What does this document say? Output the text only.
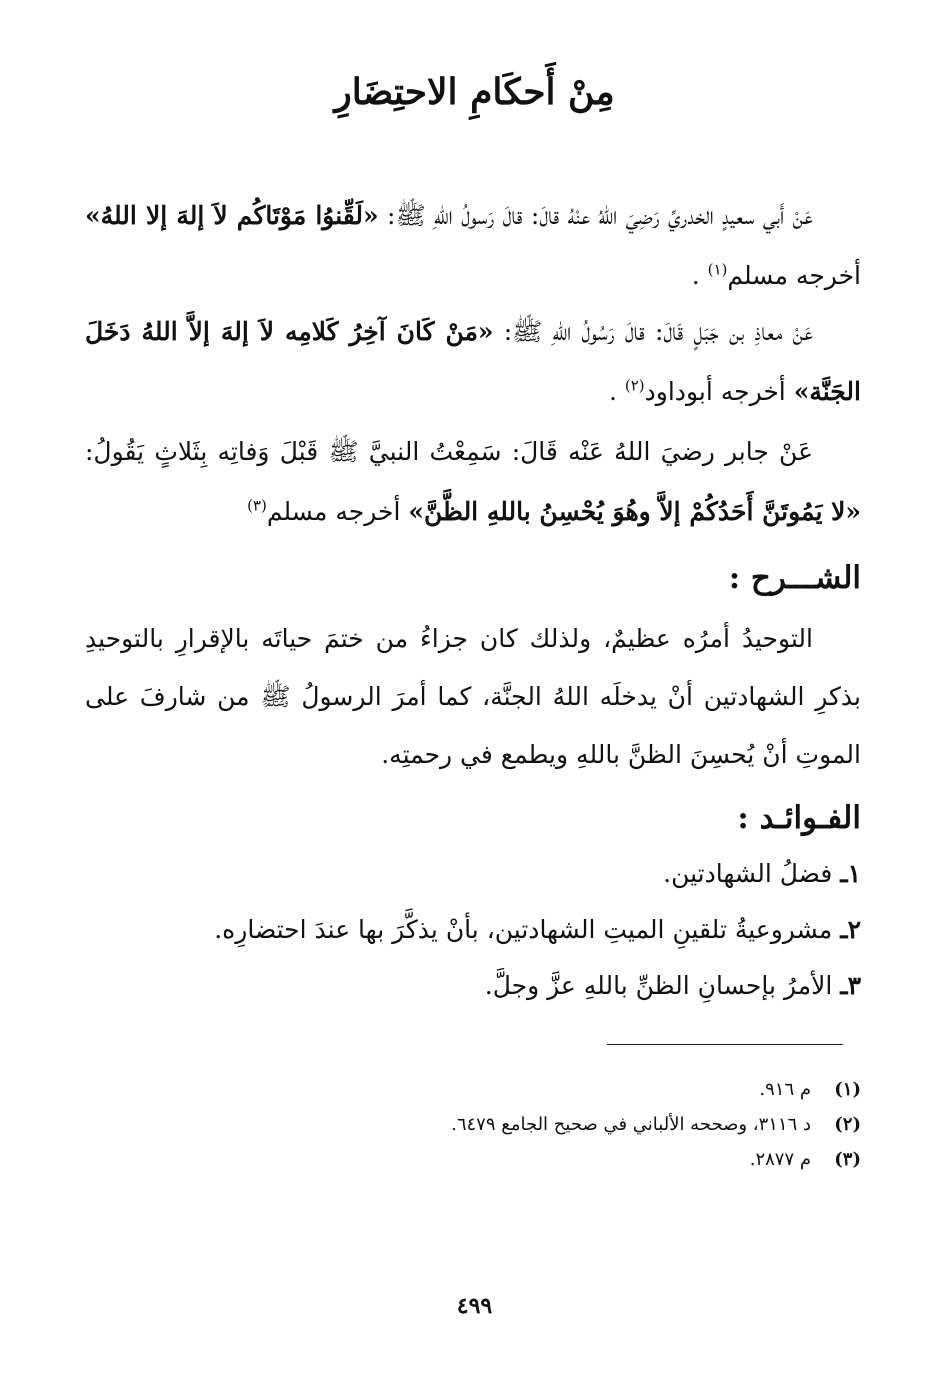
مِنْ أَحكَامِ الاحتِضَارِ

عَنْ أَبي سعيدٍ الخدريِّ رَضِيَ اللهُ عنْهُ قالَ: قالَ رَسولُ اللهِ ﷺ: «لَقِّنوُا مَوْتَاكُم لاَ إلهَ إلا اللهُ» أخرجه مسلم$^{(١)}$ .

عَنْ معاذِ بن جَبَلٍ قَالَ: قالَ رَسُولُ اللهِ ﷺ: «مَنْ كَانَ آخِرُ كَلامِه لاَ إلهَ إلاَّ اللهُ دَخَلَ الجَنَّة» أخرجه أبوداود$^{(٢)}$ .

عَنْ جابر رضيَ اللهُ عَنْه قَالَ: سَمِعْتُ النبيَّ ﷺ قَبْلَ وَفاتِه بِثَلاثٍ يَقُولُ: «لا يَمُوتَنَّ أَحَدُكُمْ إلاَّ وهُوَ يُحْسِنُ باللهِ الظَّنَّ» أخرجه مسلم$^{(٣)}$

الشـــرح :

التوحيدُ أمرُه عظيمٌ، ولذلك كان جزاءُ من ختمَ حياتَه بالإقرارِ بالتوحيدِ بذكرِ الشهادتين أنْ يدخلَه اللهُ الجنَّة، كما أمرَ الرسولُ ﷺ من شارفَ على الموتِ أنْ يُحسِنَ الظنَّ باللهِ ويطمع في رحمتِه.

الفـوائـد :
١ـ فضلُ الشهادتين.
٢ـ مشروعيةُ تلقينِ الميتِ الشهادتين، بأنْ يذكَّرَ بها عندَ احتضارِه.
٣ـ الأمرُ بإحسانِ الظنِّ باللهِ عزَّ وجلَّ.
(١)م ٩١٦.
(٢)د ٣١١٦، وصححه الألباني في صحيح الجامع ٦٤٧٩.
(٣)م ٢٨٧٧.
٤٩٩
